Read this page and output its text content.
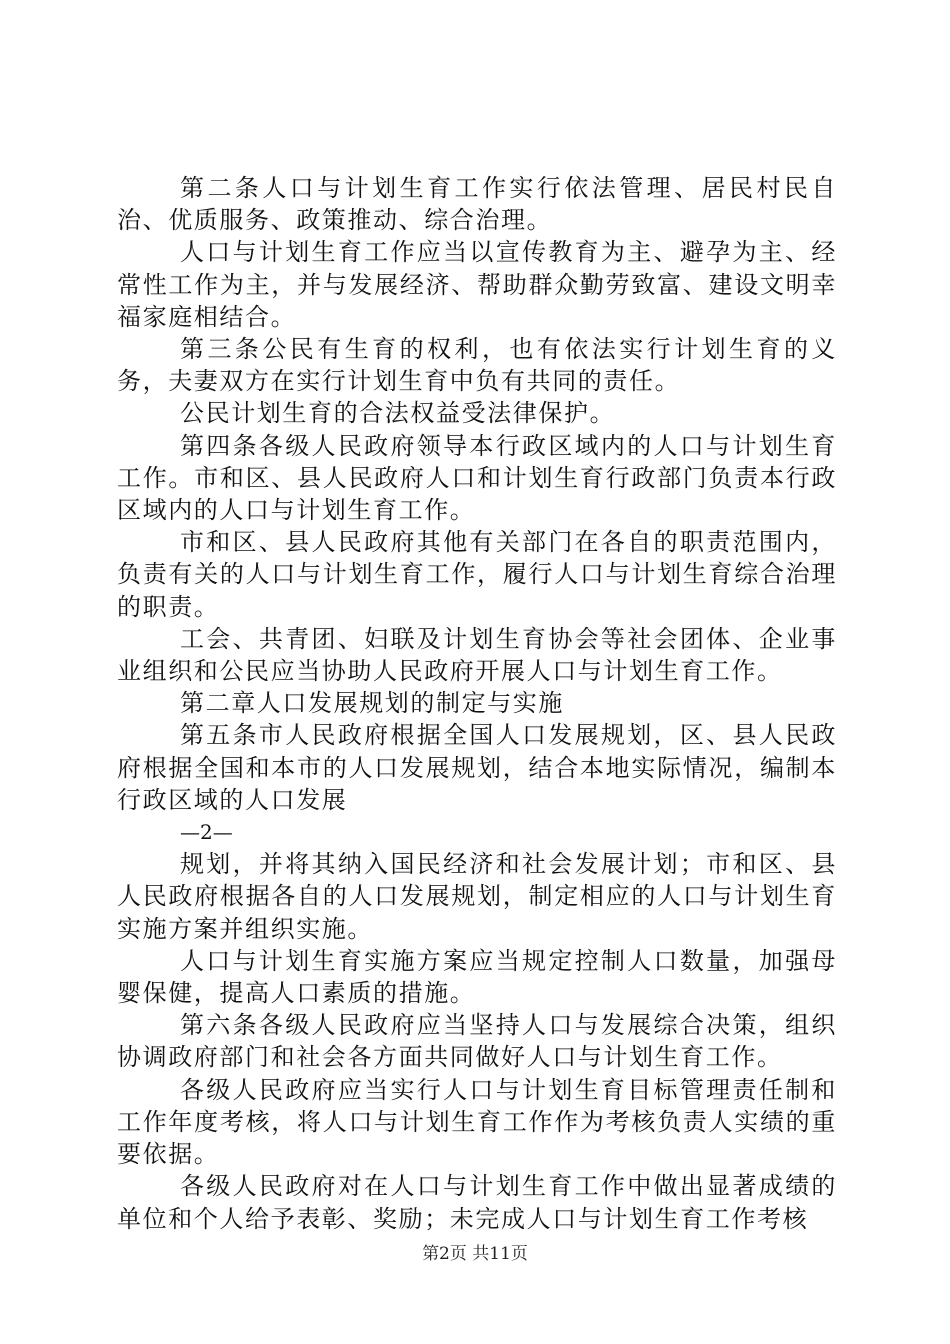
第二条人口与计划生育工作实行依法管理、居民村民自治、优质服务、政策推动、综合治理。

人口与计划生育工作应当以宣传教育为主、避孕为主、经常性工作为主，并与发展经济、帮助群众勤劳致富、建设文明幸福家庭相结合。

第三条公民有生育的权利，也有依法实行计划生育的义务，夫妻双方在实行计划生育中负有共同的责任。

公民计划生育的合法权益受法律保护。

第四条各级人民政府领导本行政区域内的人口与计划生育工作。市和区、县人民政府人口和计划生育行政部门负责本行政区域内的人口与计划生育工作。

市和区、县人民政府其他有关部门在各自的职责范围内，负责有关的人口与计划生育工作，履行人口与计划生育综合治理的职责。

工会、共青团、妇联及计划生育协会等社会团体、企业事业组织和公民应当协助人民政府开展人口与计划生育工作。

第二章人口发展规划的制定与实施

第五条市人民政府根据全国人口发展规划，区、县人民政府根据全国和本市的人口发展规划，结合本地实际情况，编制本行政区域的人口发展

—2—

规划，并将其纳入国民经济和社会发展计划；市和区、县人民政府根据各自的人口发展规划，制定相应的人口与计划生育实施方案并组织实施。

人口与计划生育实施方案应当规定控制人口数量，加强母婴保健，提高人口素质的措施。

第六条各级人民政府应当坚持人口与发展综合决策，组织协调政府部门和社会各方面共同做好人口与计划生育工作。

各级人民政府应当实行人口与计划生育目标管理责任制和工作年度考核，将人口与计划生育工作作为考核负责人实绩的重要依据。

各级人民政府对在人口与计划生育工作中做出显著成绩的单位和个人给予表彰、奖励；未完成人口与计划生育工作考核

第2页 共11页
